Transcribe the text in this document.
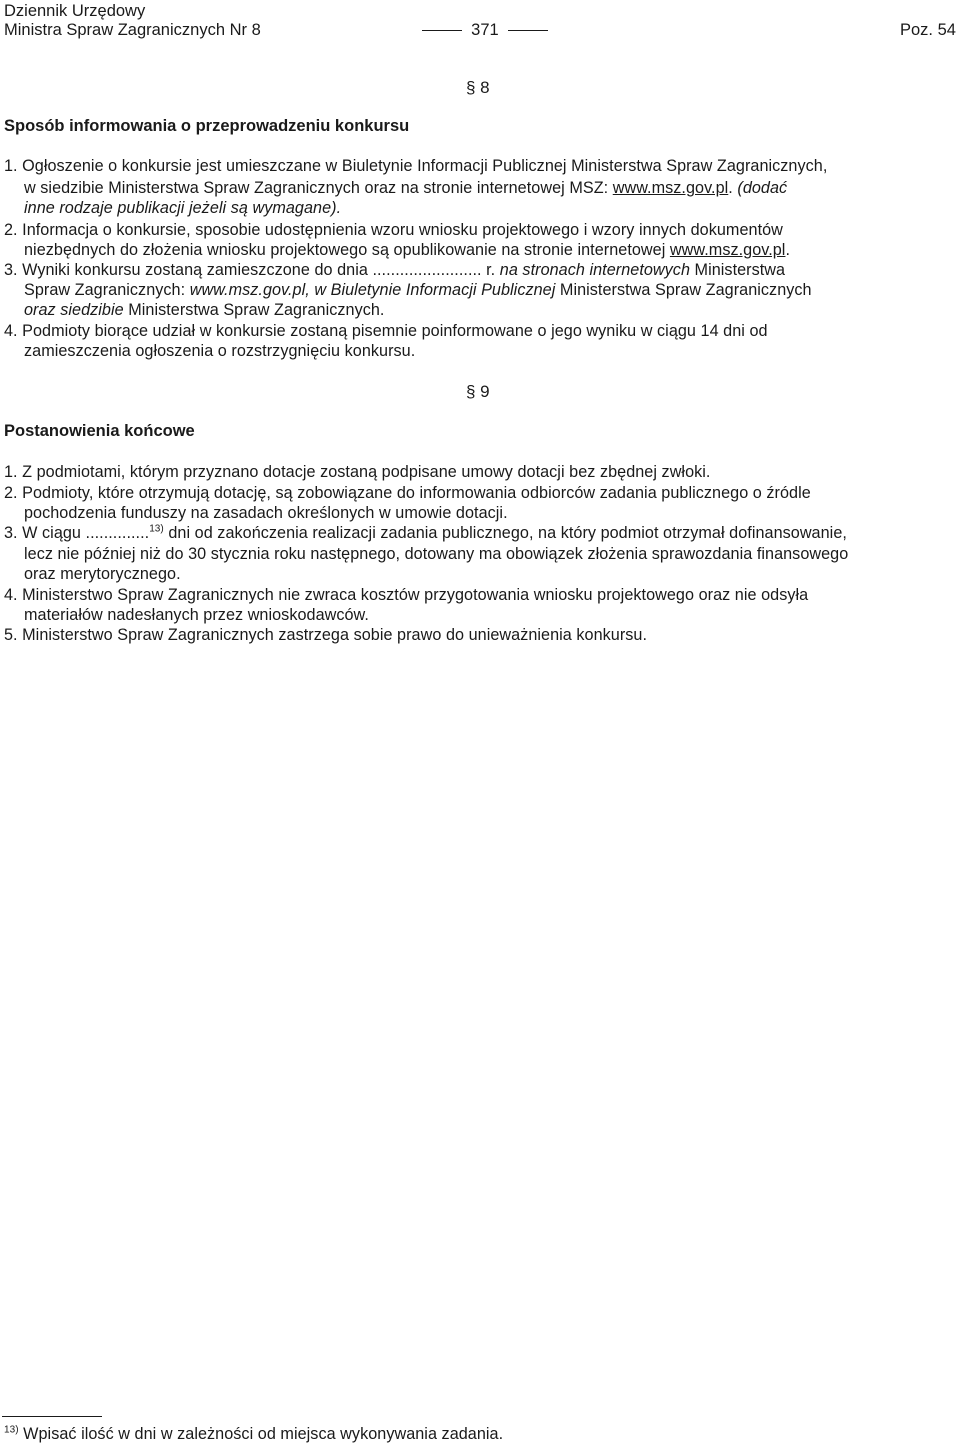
Dziennik Urzędowy
Ministra Spraw Zagranicznych Nr 8	371	Poz. 54
§ 8
Sposób informowania o przeprowadzeniu konkursu
1. Ogłoszenie o konkursie jest umieszczane w Biuletynie Informacji Publicznej Ministerstwa Spraw Zagranicznych,
w siedzibie Ministerstwa Spraw Zagranicznych oraz na stronie internetowej MSZ: www.msz.gov.pl. (dodać
inne rodzaje publikacji jeżeli są wymagane).
2. Informacja o konkursie, sposobie udostępnienia wzoru wniosku projektowego i wzory innych dokumentów
niezbędnych do złożenia wniosku projektowego są opublikowanie na stronie internetowej www.msz.gov.pl.
3. Wyniki konkursu zostaną zamieszczone do dnia ........................ r. na stronach internetowych Ministerstwa
Spraw Zagranicznych: www.msz.gov.pl, w Biuletynie Informacji Publicznej Ministerstwa Spraw Zagranicznych
oraz siedzibie Ministerstwa Spraw Zagranicznych.
4. Podmioty biorące udział w konkursie zostaną pisemnie poinformowane o jego wyniku w ciągu 14 dni od
zamieszczenia ogłoszenia o rozstrzygnięciu konkursu.
§ 9
Postanowienia końcowe
1. Z podmiotami, którym przyznano dotacje zostaną podpisane umowy dotacji bez zbędnej zwłoki.
2. Podmioty, które otrzymują dotację, są zobowiązane do informowania odbiorców zadania publicznego o źródle
pochodzenia funduszy na zasadach określonych w umowie dotacji.
3. W ciągu ..............$^{13)}$ dni od zakończenia realizacji zadania publicznego, na który podmiot otrzymał dofinansowanie,
lecz nie później niż do 30 stycznia roku następnego, dotowany ma obowiązek złożenia sprawozdania finansowego
oraz merytorycznego.
4. Ministerstwo Spraw Zagranicznych nie zwraca kosztów przygotowania wniosku projektowego oraz nie odsyła
materiałów nadesłanych przez wnioskodawców.
5. Ministerstwo Spraw Zagranicznych zastrzega sobie prawo do unieważnienia konkursu.
$^{13)}$ Wpisać ilość w dni w zależności od miejsca wykonywania zadania.
